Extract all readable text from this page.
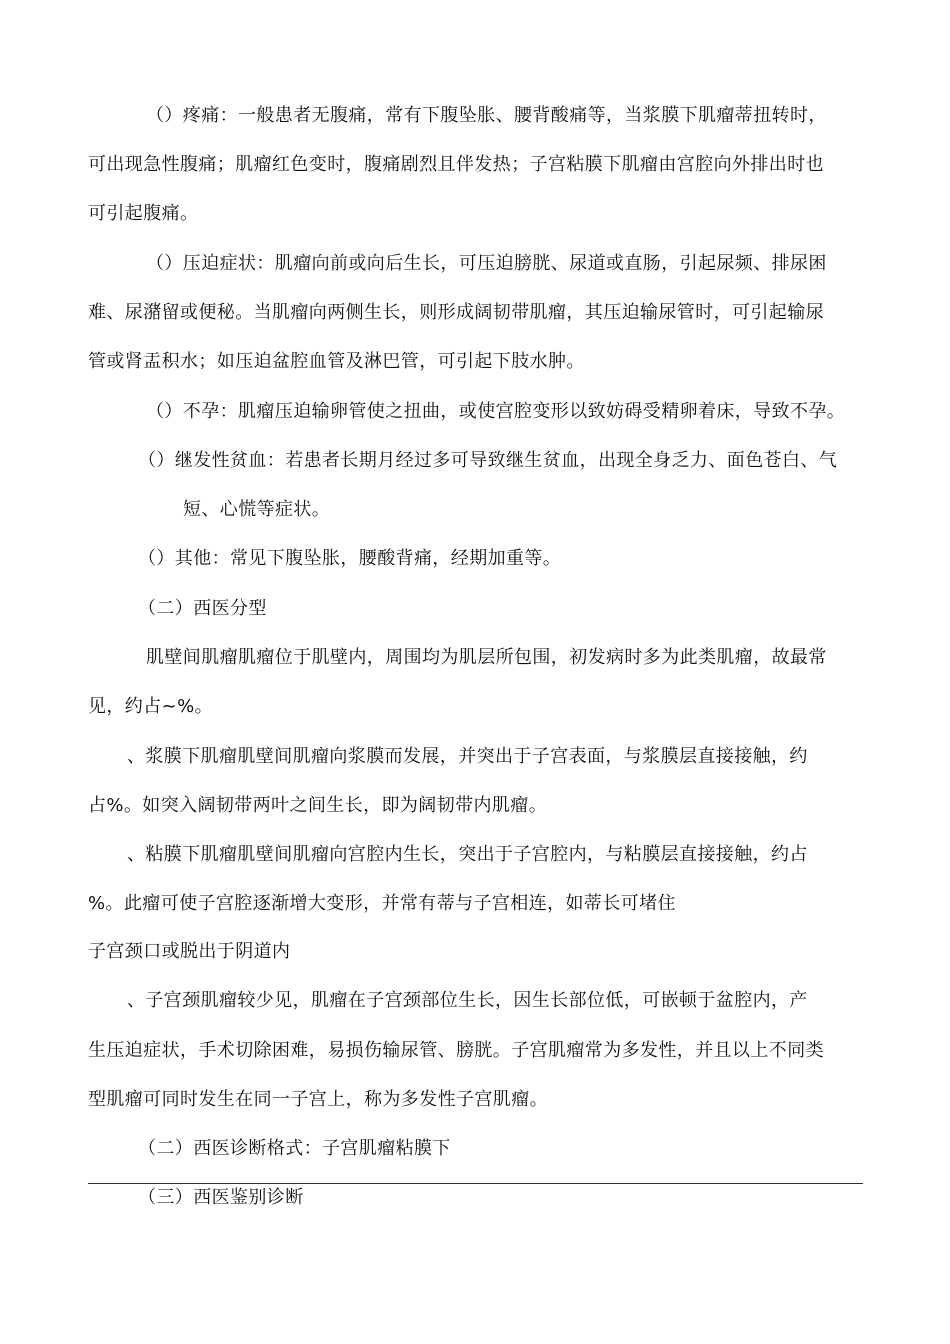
（）疼痛：一般患者无腹痛，常有下腹坠胀、腰背酸痛等，当浆膜下肌瘤蒂扭转时，
可出现急性腹痛；肌瘤红色变时，腹痛剧烈且伴发热；子宫粘膜下肌瘤由宫腔向外排出时也
可引起腹痛。
（）压迫症状：肌瘤向前或向后生长，可压迫膀胱、尿道或直肠，引起尿频、排尿困
难、尿潴留或便秘。当肌瘤向两侧生长，则形成阔韧带肌瘤，其压迫输尿管时，可引起输尿
管或肾盂积水；如压迫盆腔血管及淋巴管，可引起下肢水肿。
（）不孕：肌瘤压迫输卵管使之扭曲，或使宫腔变形以致妨碍受精卵着床，导致不孕。
（）继发性贫血：若患者长期月经过多可导致继生贫血，出现全身乏力、面色苍白、气
短、心慌等症状。
（）其他：常见下腹坠胀，腰酸背痛，经期加重等。
（二）西医分型
肌壁间肌瘤肌瘤位于肌壁内，周围均为肌层所包围，初发病时多为此类肌瘤，故最常
见，约占~%。
、浆膜下肌瘤肌壁间肌瘤向浆膜而发展，并突出于子宫表面，与浆膜层直接接触，约
占%。如突入阔韧带两叶之间生长，即为阔韧带内肌瘤。
、粘膜下肌瘤肌壁间肌瘤向宫腔内生长，突出于子宫腔内，与粘膜层直接接触，约占
%。此瘤可使子宫腔逐渐增大变形，并常有蒂与子宫相连，如蒂长可堵住
子宫颈口或脱出于阴道内
、子宫颈肌瘤较少见，肌瘤在子宫颈部位生长，因生长部位低，可嵌顿于盆腔内，产
生压迫症状，手术切除困难，易损伤输尿管、膀胱。子宫肌瘤常为多发性，并且以上不同类
型肌瘤可同时发生在同一子宫上，称为多发性子宫肌瘤。
（二）西医诊断格式：子宫肌瘤粘膜下
（三）西医鉴别诊断
